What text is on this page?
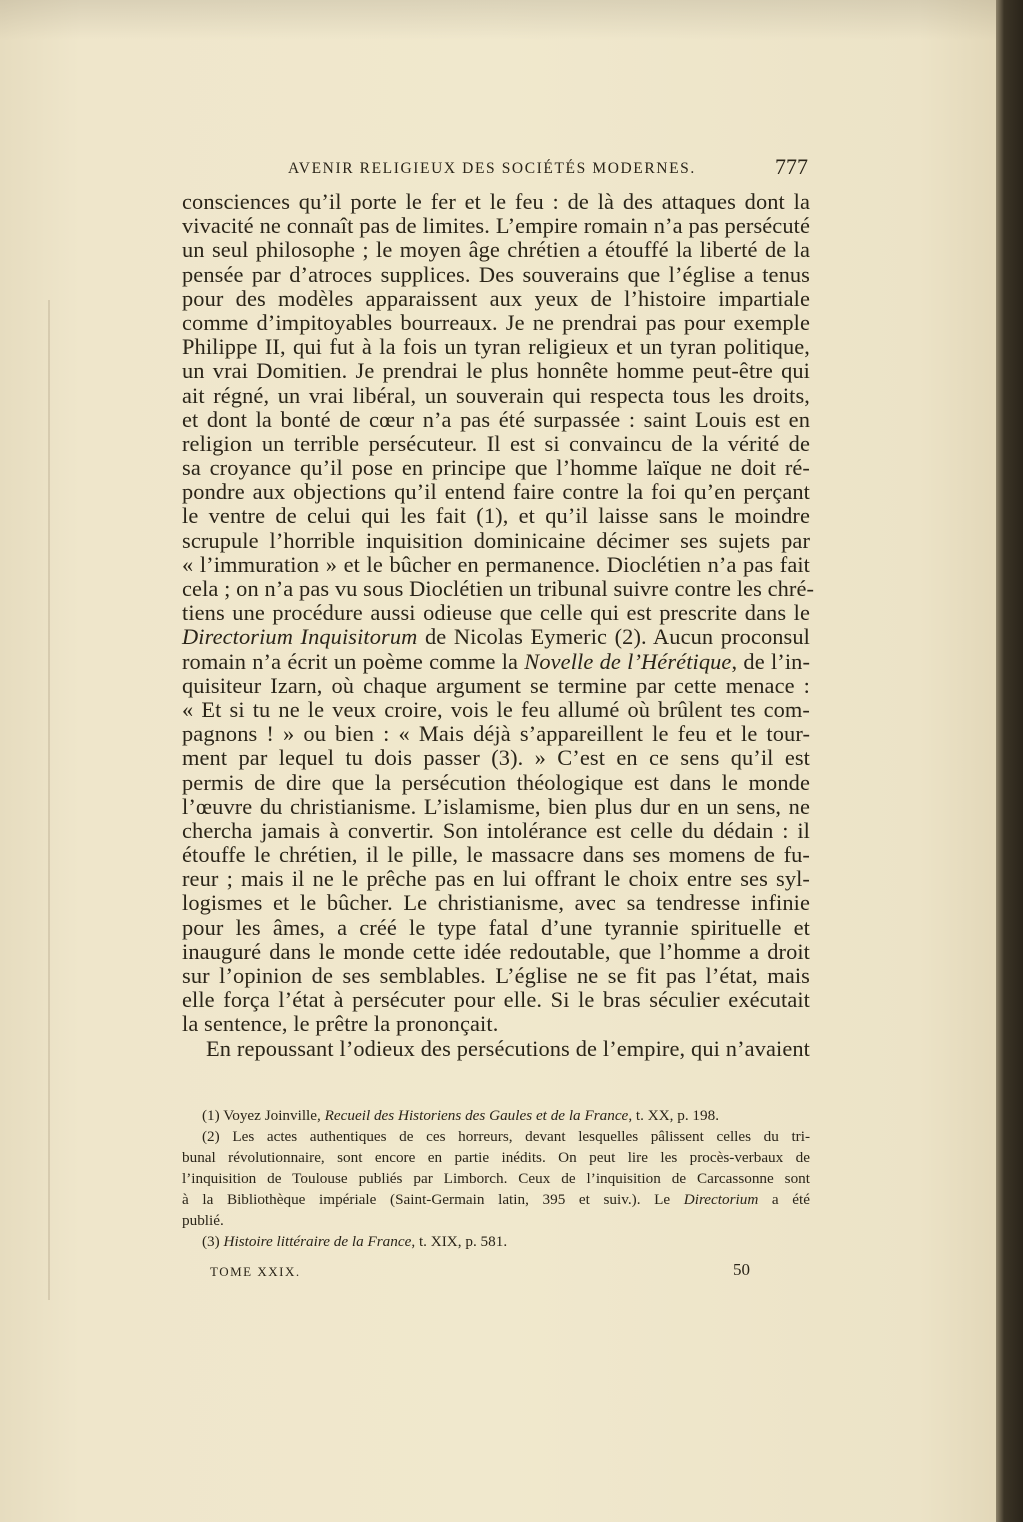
AVENIR RELIGIEUX DES SOCIÉTÉS MODERNES.	777
consciences qu’il porte le fer et le feu : de là des attaques dont la
vivacité ne connaît pas de limites. L’empire romain n’a pas persécuté
un seul philosophe ; le moyen âge chrétien a étouffé la liberté de la
pensée par d’atroces supplices. Des souverains que l’église a tenus
pour des modèles apparaissent aux yeux de l’histoire impartiale
comme d’impitoyables bourreaux. Je ne prendrai pas pour exemple
Philippe II, qui fut à la fois un tyran religieux et un tyran politique,
un vrai Domitien. Je prendrai le plus honnête homme peut-être qui
ait régné, un vrai libéral, un souverain qui respecta tous les droits,
et dont la bonté de cœur n’a pas été surpassée : saint Louis est en
religion un terrible persécuteur. Il est si convaincu de la vérité de
sa croyance qu’il pose en principe que l’homme laïque ne doit ré-
pondre aux objections qu’il entend faire contre la foi qu’en perçant
le ventre de celui qui les fait (1), et qu’il laisse sans le moindre
scrupule l’horrible inquisition dominicaine décimer ses sujets par
« l’immuration » et le bûcher en permanence. Dioclétien n’a pas fait
cela ; on n’a pas vu sous Dioclétien un tribunal suivre contre les chré-
tiens une procédure aussi odieuse que celle qui est prescrite dans le
Directorium Inquisitorum de Nicolas Eymeric (2). Aucun proconsul
romain n’a écrit un poème comme la Novelle de l’Hérétique, de l’in-
quisiteur Izarn, où chaque argument se termine par cette menace :
« Et si tu ne le veux croire, vois le feu allumé où brûlent tes com-
pagnons ! » ou bien : « Mais déjà s’appareillent le feu et le tour-
ment par lequel tu dois passer (3). » C’est en ce sens qu’il est
permis de dire que la persécution théologique est dans le monde
l’œuvre du christianisme. L’islamisme, bien plus dur en un sens, ne
chercha jamais à convertir. Son intolérance est celle du dédain : il
étouffe le chrétien, il le pille, le massacre dans ses momens de fu-
reur ; mais il ne le prêche pas en lui offrant le choix entre ses syl-
logismes et le bûcher. Le christianisme, avec sa tendresse infinie
pour les âmes, a créé le type fatal d’une tyrannie spirituelle et
inauguré dans le monde cette idée redoutable, que l’homme a droit
sur l’opinion de ses semblables. L’église ne se fit pas l’état, mais
elle força l’état à persécuter pour elle. Si le bras séculier exécutait
la sentence, le prêtre la prononçait.
En repoussant l’odieux des persécutions de l’empire, qui n’avaient
(1) Voyez Joinville, Recueil des Historiens des Gaules et de la France, t. XX, p. 198.
(2) Les actes authentiques de ces horreurs, devant lesquelles pâlissent celles du tri-
bunal révolutionnaire, sont encore en partie inédits. On peut lire les procès-verbaux de
l’inquisition de Toulouse publiés par Limborch. Ceux de l’inquisition de Carcassonne sont
à la Bibliothèque impériale (Saint-Germain latin, 395 et suiv.). Le Directorium a été
publié.
(3) Histoire littéraire de la France, t. XIX, p. 581.
TOME XXIX.	50
